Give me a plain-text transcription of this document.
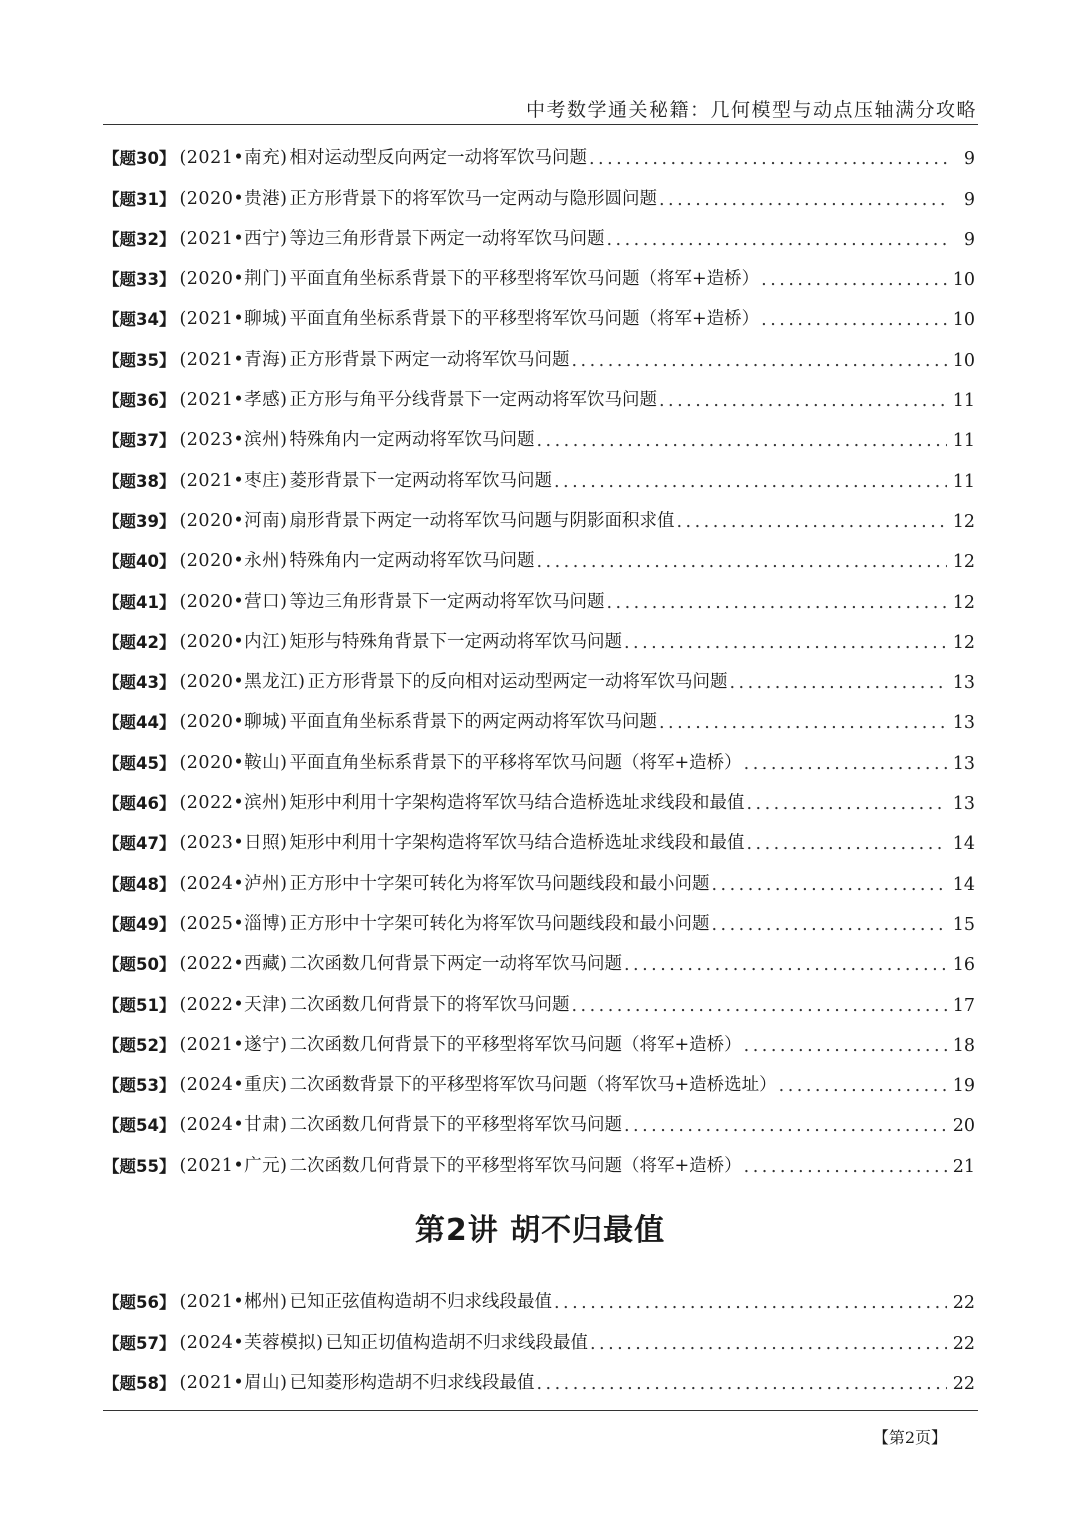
中考数学通关秘籍：几何模型与动点压轴满分攻略
【题30】 (2021•南充) 相对运动型反向两定一动将军饮马问题 .....	9
【题31】 (2020•贵港) 正方形背景下的将军饮马一定两动与隐形圆问题 .....	9
【题32】 (2021•西宁) 等边三角形背景下两定一动将军饮马问题 .....	9
【题33】 (2020•荆门) 平面直角坐标系背景下的平移型将军饮马问题（将军+造桥） .....	10
【题34】 (2021•聊城) 平面直角坐标系背景下的平移型将军饮马问题（将军+造桥） .....	10
【题35】 (2021•青海) 正方形背景下两定一动将军饮马问题 .....	10
【题36】 (2021•孝感) 正方形与角平分线背景下一定两动将军饮马问题 .....	11
【题37】 (2023•滨州) 特殊角内一定两动将军饮马问题 .....	11
【题38】 (2021•枣庄) 菱形背景下一定两动将军饮马问题 .....	11
【题39】 (2020•河南) 扇形背景下两定一动将军饮马问题与阴影面积求值 .....	12
【题40】 (2020•永州) 特殊角内一定两动将军饮马问题 .....	12
【题41】 (2020•营口) 等边三角形背景下一定两动将军饮马问题 .....	12
【题42】 (2020•内江) 矩形与特殊角背景下一定两动将军饮马问题 .....	12
【题43】 (2020•黑龙江) 正方形背景下的反向相对运动型两定一动将军饮马问题 .....	13
【题44】 (2020•聊城) 平面直角坐标系背景下的两定两动将军饮马问题 .....	13
【题45】 (2020•鞍山) 平面直角坐标系背景下的平移将军饮马问题（将军+造桥） .....	13
【题46】 (2022•滨州) 矩形中利用十字架构造将军饮马结合造桥选址求线段和最值 .....	13
【题47】 (2023•日照) 矩形中利用十字架构造将军饮马结合造桥选址求线段和最值 .....	14
【题48】 (2024•泸州) 正方形中十字架可转化为将军饮马问题线段和最小问题 .....	14
【题49】 (2025•淄博) 正方形中十字架可转化为将军饮马问题线段和最小问题 .....	15
【题50】 (2022•西藏) 二次函数几何背景下两定一动将军饮马问题 .....	16
【题51】 (2022•天津) 二次函数几何背景下的将军饮马问题 .....	17
【题52】 (2021•遂宁) 二次函数几何背景下的平移型将军饮马问题（将军+造桥） .....	18
【题53】 (2024•重庆) 二次函数背景下的平移型将军饮马问题（将军饮马+造桥选址） .....	19
【题54】 (2024•甘肃) 二次函数几何背景下的平移型将军饮马问题 .....	20
【题55】 (2021•广元) 二次函数几何背景下的平移型将军饮马问题（将军+造桥） .....	21
第2讲 胡不归最值
【题56】 (2021•郴州) 已知正弦值构造胡不归求线段最值 .....	22
【题57】 (2024•芙蓉模拟) 已知正切值构造胡不归求线段最值 .....	22
【题58】 (2021•眉山) 已知菱形构造胡不归求线段最值 .....	22
【第2页】
